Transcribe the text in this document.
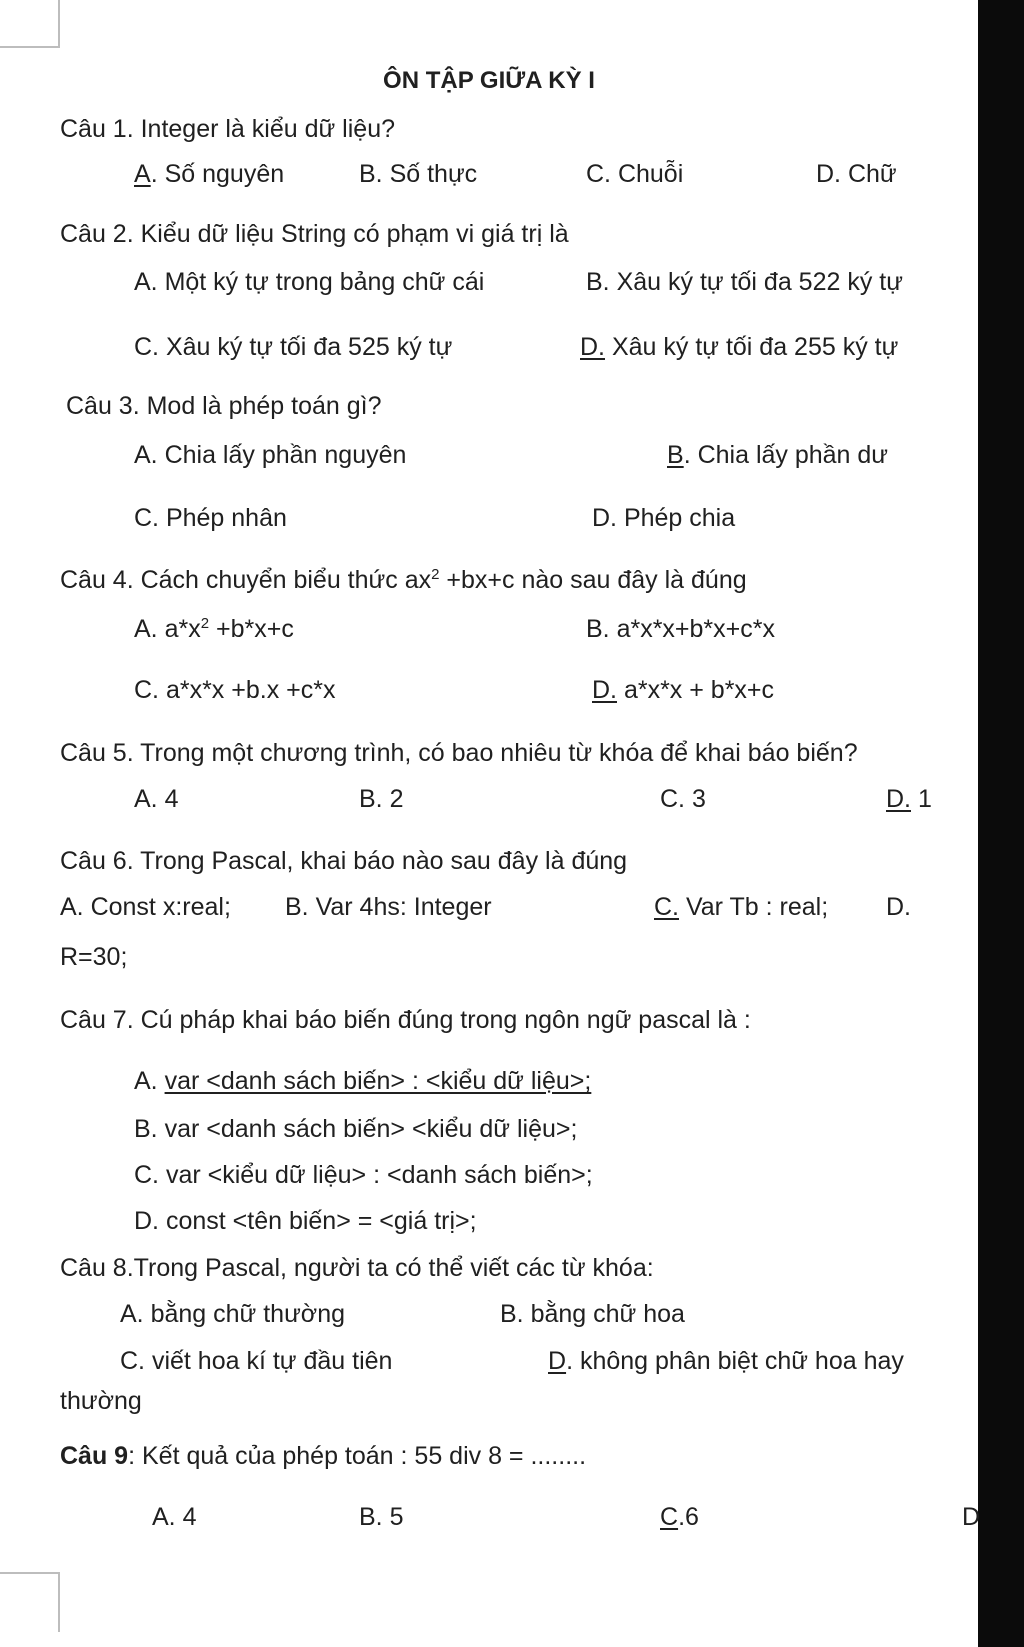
ÔN TẬP GIỮA KỲ I
Câu 1. Integer là kiểu dữ liệu?
A. Số nguyên	B. Số thực	C. Chuỗi	D. Chữ
Câu 2. Kiểu dữ liệu String có phạm vi giá trị là
A. Một ký tự trong bảng chữ cái	B. Xâu ký tự tối đa 522 ký tự
C. Xâu ký tự tối đa 525 ký tự	D. Xâu ký tự tối đa 255 ký tự
Câu 3. Mod là phép toán gì?
A. Chia lấy phần nguyên	B. Chia lấy phần dư
C. Phép nhân	D. Phép chia
Câu 4. Cách chuyển biểu thức $ax^2 +bx+c$ nào sau đây là đúng
A. $a*x^2 +b*x+c$	B. a*x*x+b*x+c*x
C. a*x*x +b.x +c*x	D. a*x*x + b*x+c
Câu 5. Trong một chương trình, có bao nhiêu từ khóa để khai báo biến?
A. 4	B. 2	C. 3	D. 1
Câu 6. Trong Pascal, khai báo nào sau đây là đúng
A. Const x:real; B. Var 4hs: Integer	C. Var Tb : real; D.
R=30;
Câu 7. Cú pháp khai báo biến đúng trong ngôn ngữ pascal là :
A. var <danh sách biến> : <kiểu dữ liệu>;
B. var <danh sách biến> <kiểu dữ liệu>;
C. var <kiểu dữ liệu> : <danh sách biến>;
D. const <tên biến> = <giá trị>;
Câu 8.Trong Pascal, người ta có thể viết các từ khóa:
A. bằng chữ thường	B. bằng chữ hoa
C. viết hoa kí tự đầu tiên	D. không phân biệt chữ hoa hay
thường
Câu 9: Kết quả của phép toán : 55 div 8 = ........
A. 4	B. 5	C.6	D
